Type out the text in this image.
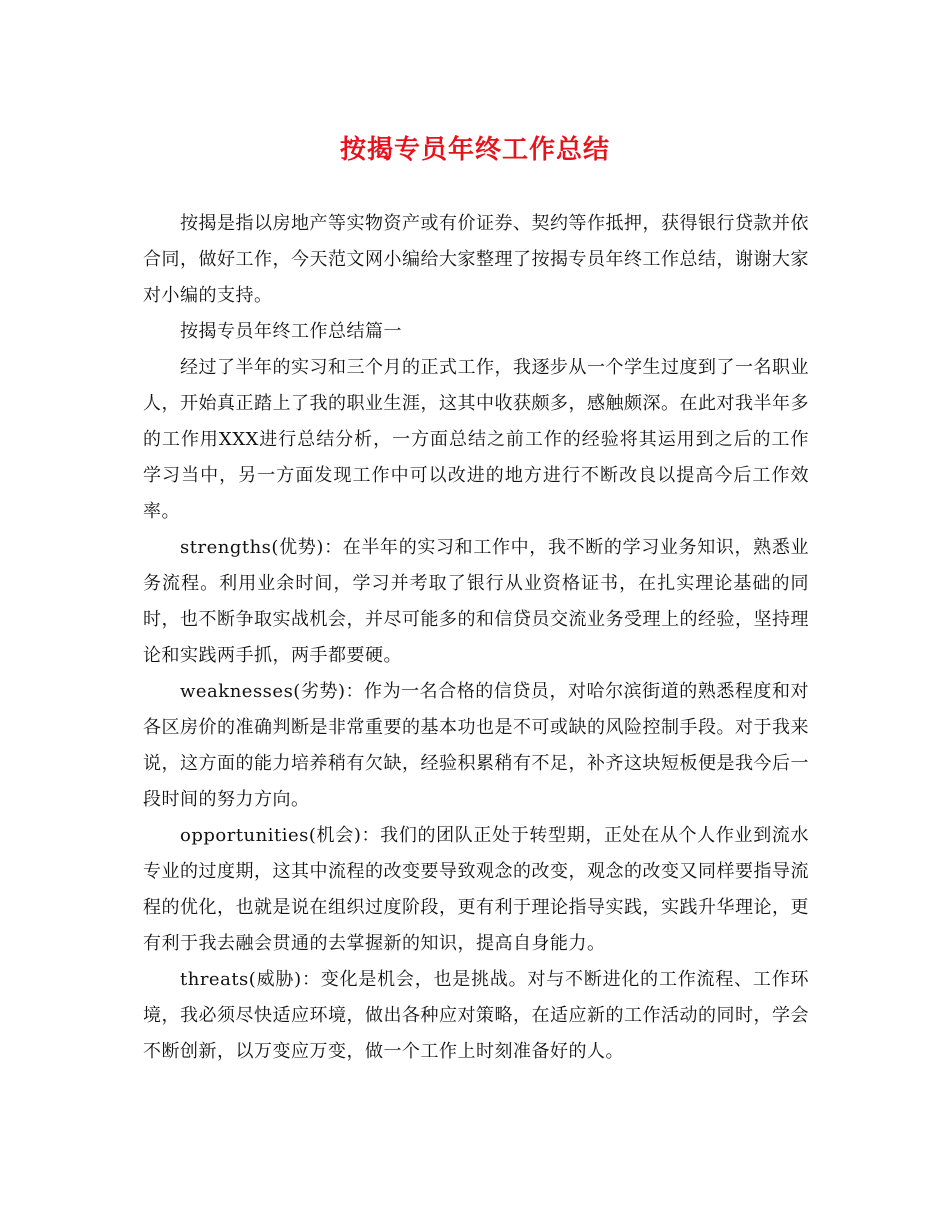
按揭专员年终工作总结

按揭是指以房地产等实物资产或有价证券、契约等作抵押，获得银行贷款并依合同，做好工作，今天范文网小编给大家整理了按揭专员年终工作总结，谢谢大家对小编的支持。

按揭专员年终工作总结篇一

经过了半年的实习和三个月的正式工作，我逐步从一个学生过度到了一名职业人，开始真正踏上了我的职业生涯，这其中收获颇多，感触颇深。在此对我半年多的工作用XXX进行总结分析，一方面总结之前工作的经验将其运用到之后的工作学习当中，另一方面发现工作中可以改进的地方进行不断改良以提高今后工作效率。

strengths(优势)：在半年的实习和工作中，我不断的学习业务知识，熟悉业务流程。利用业余时间，学习并考取了银行从业资格证书，在扎实理论基础的同时，也不断争取实战机会，并尽可能多的和信贷员交流业务受理上的经验，坚持理论和实践两手抓，两手都要硬。

weaknesses(劣势)：作为一名合格的信贷员，对哈尔滨街道的熟悉程度和对各区房价的准确判断是非常重要的基本功也是不可或缺的风险控制手段。对于我来说，这方面的能力培养稍有欠缺，经验积累稍有不足，补齐这块短板便是我今后一段时间的努力方向。

opportunities(机会)：我们的团队正处于转型期，正处在从个人作业到流水专业的过度期，这其中流程的改变要导致观念的改变，观念的改变又同样要指导流程的优化，也就是说在组织过度阶段，更有利于理论指导实践，实践升华理论，更有利于我去融会贯通的去掌握新的知识，提高自身能力。

threats(威胁)：变化是机会，也是挑战。对与不断进化的工作流程、工作环境，我必须尽快适应环境，做出各种应对策略，在适应新的工作活动的同时，学会不断创新，以万变应万变，做一个工作上时刻准备好的人。
